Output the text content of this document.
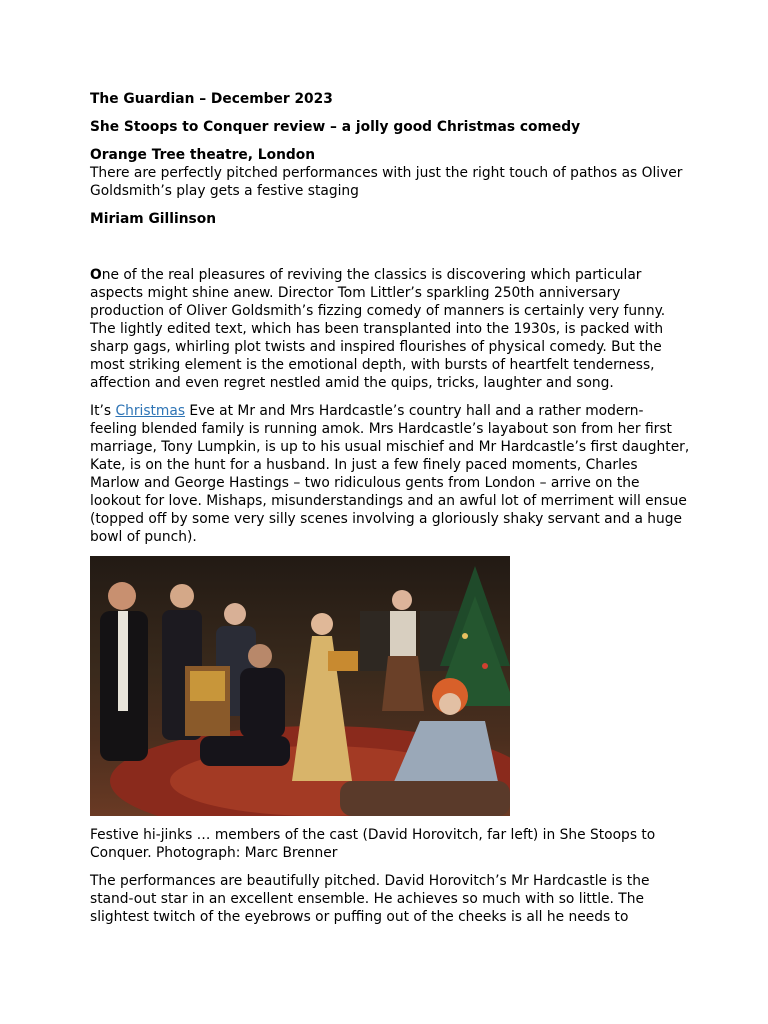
The Guardian – December 2023
She Stoops to Conquer review – a jolly good Christmas comedy
Orange Tree theatre, London

There are perfectly pitched performances with just the right touch of pathos as Oliver Goldsmith’s play gets a festive staging

Miriam Gillinson

One of the real pleasures of reviving the classics is discovering which particular aspects might shine anew. Director Tom Littler’s sparkling 250th anniversary production of Oliver Goldsmith’s fizzing comedy of manners is certainly very funny. The lightly edited text, which has been transplanted into the 1930s, is packed with sharp gags, whirling plot twists and inspired flourishes of physical comedy. But the most striking element is the emotional depth, with bursts of heartfelt tenderness, affection and even regret nestled amid the quips, tricks, laughter and song.

It’s Christmas Eve at Mr and Mrs Hardcastle’s country hall and a rather modern-feeling blended family is running amok. Mrs Hardcastle’s layabout son from her first marriage, Tony Lumpkin, is up to his usual mischief and Mr Hardcastle’s first daughter, Kate, is on the hunt for a husband. In just a few finely paced moments, Charles Marlow and George Hastings – two ridiculous gents from London – arrive on the lookout for love. Mishaps, misunderstandings and an awful lot of merriment will ensue (topped off by some very silly scenes involving a gloriously shaky servant and a huge bowl of punch).

Festive hi-jinks … members of the cast (David Horovitch, far left) in She Stoops to Conquer. Photograph: Marc Brenner

The performances are beautifully pitched. David Horovitch’s Mr Hardcastle is the stand-out star in an excellent ensemble. He achieves so much with so little. The slightest twitch of the eyebrows or puffing out of the cheeks is all he needs to
